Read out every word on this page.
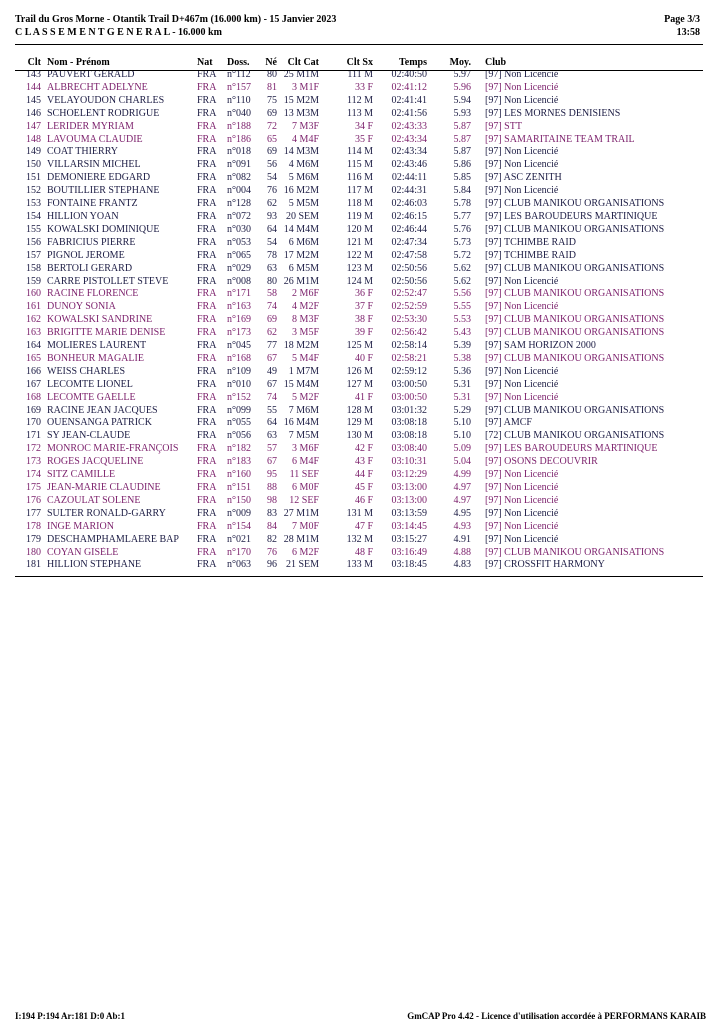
Trail du Gros Morne - Otantik Trail D+467m (16.000 km) - 15 Janvier 2023
C L A S S E M E N T G E N E R A L - 16.000 km
Page 3/3
13:58
Clt	Nom - Prénom	Nat	Doss.	Né	Clt Cat	Clt Sx	Temps	Moy.	Club
143	PAUVERT GÉRALD	FRA	n°112	80	25 M1M	111 M	02:40:50	5.97	[97] Non Licencié
144	ALBRECHT ADELYNE	FRA	n°157	81	3 M1F	33 F	02:41:12	5.96	[97] Non Licencié
145	VELAYOUDON CHARLES	FRA	n°110	75	15 M2M	112 M	02:41:41	5.94	[97] Non Licencié
146	SCHOELENT RODRIGUE	FRA	n°040	69	13 M3M	113 M	02:41:56	5.93	[97] LES MORNES DENISIENS
147	LERIDER MYRIAM	FRA	n°188	72	7 M3F	34 F	02:43:33	5.87	[97] STT
148	LAVOUMA CLAUDIE	FRA	n°186	65	4 M4F	35 F	02:43:34	5.87	[97] SAMARITAINE TEAM TRAIL
149	COAT THIERRY	FRA	n°018	69	14 M3M	114 M	02:43:34	5.87	[97] Non Licencié
150	VILLARSIN MICHEL	FRA	n°091	56	4 M6M	115 M	02:43:46	5.86	[97] Non Licencié
151	DEMONIERE EDGARD	FRA	n°082	54	5 M6M	116 M	02:44:11	5.85	[97] ASC ZENITH
152	BOUTILLIER STEPHANE	FRA	n°004	76	16 M2M	117 M	02:44:31	5.84	[97] Non Licencié
153	FONTAINE FRANTZ	FRA	n°128	62	5 M5M	118 M	02:46:03	5.78	[97] CLUB MANIKOU ORGANISATIONS
154	HILLION YOAN	FRA	n°072	93	20 SEM	119 M	02:46:15	5.77	[97] LES BAROUDEURS MARTINIQUE
155	KOWALSKI DOMINIQUE	FRA	n°030	64	14 M4M	120 M	02:46:44	5.76	[97] CLUB MANIKOU ORGANISATIONS
156	FABRICIUS PIERRE	FRA	n°053	54	6 M6M	121 M	02:47:34	5.73	[97] TCHIMBE RAID
157	PIGNOL JEROME	FRA	n°065	78	17 M2M	122 M	02:47:58	5.72	[97] TCHIMBE RAID
158	BERTOLI GERARD	FRA	n°029	63	6 M5M	123 M	02:50:56	5.62	[97] CLUB MANIKOU ORGANISATIONS
159	CARRE PISTOLLET STEVE	FRA	n°008	80	26 M1M	124 M	02:50:56	5.62	[97] Non Licencié
160	RACINE FLORENCE	FRA	n°171	58	2 M6F	36 F	02:52:47	5.56	[97] CLUB MANIKOU ORGANISATIONS
161	DUNOY SONIA	FRA	n°163	74	4 M2F	37 F	02:52:59	5.55	[97] Non Licencié
162	KOWALSKI SANDRINE	FRA	n°169	69	8 M3F	38 F	02:53:30	5.53	[97] CLUB MANIKOU ORGANISATIONS
163	BRIGITTE MARIE DENISE	FRA	n°173	62	3 M5F	39 F	02:56:42	5.43	[97] CLUB MANIKOU ORGANISATIONS
164	MOLIERES LAURENT	FRA	n°045	77	18 M2M	125 M	02:58:14	5.39	[97] SAM HORIZON 2000
165	BONHEUR MAGALIE	FRA	n°168	67	5 M4F	40 F	02:58:21	5.38	[97] CLUB MANIKOU ORGANISATIONS
166	WEISS CHARLES	FRA	n°109	49	1 M7M	126 M	02:59:12	5.36	[97] Non Licencié
167	LECOMTE LIONEL	FRA	n°010	67	15 M4M	127 M	03:00:50	5.31	[97] Non Licencié
168	LECOMTE GAELLE	FRA	n°152	74	5 M2F	41 F	03:00:50	5.31	[97] Non Licencié
169	RACINE JEAN JACQUES	FRA	n°099	55	7 M6M	128 M	03:01:32	5.29	[97] CLUB MANIKOU ORGANISATIONS
170	OUENSANGA PATRICK	FRA	n°055	64	16 M4M	129 M	03:08:18	5.10	[97] AMCF
171	SY JEAN-CLAUDE	FRA	n°056	63	7 M5M	130 M	03:08:18	5.10	[72] CLUB MANIKOU ORGANISATIONS
172	MONROC MARIE-FRANÇOIS	FRA	n°182	57	3 M6F	42 F	03:08:40	5.09	[97] LES BAROUDEURS MARTINIQUE
173	ROGES JACQUELINE	FRA	n°183	67	6 M4F	43 F	03:10:31	5.04	[97] OSONS DECOUVRIR
174	SITZ CAMILLE	FRA	n°160	95	11 SEF	44 F	03:12:29	4.99	[97] Non Licencié
175	JEAN-MARIE CLAUDINE	FRA	n°151	88	6 M0F	45 F	03:13:00	4.97	[97] Non Licencié
176	CAZOULAT SOLENE	FRA	n°150	98	12 SEF	46 F	03:13:00	4.97	[97] Non Licencié
177	SULTER RONALD-GARRY	FRA	n°009	83	27 M1M	131 M	03:13:59	4.95	[97] Non Licencié
178	INGE MARION	FRA	n°154	84	7 M0F	47 F	03:14:45	4.93	[97] Non Licencié
179	DESCHAMPHAMLAERE BAP	FRA	n°021	82	28 M1M	132 M	03:15:27	4.91	[97] Non Licencié
180	COYAN GISÈLE	FRA	n°170	76	6 M2F	48 F	03:16:49	4.88	[97] CLUB MANIKOU ORGANISATIONS
181	HILLION STEPHANE	FRA	n°063	96	21 SEM	133 M	03:18:45	4.83	[97] CROSSFIT HARMONY
I:194 P:194 Ar:181 D:0 Ab:1	GmCAP Pro 4.42 - Licence d'utilisation accordée à PERFORMANS KARAIB
